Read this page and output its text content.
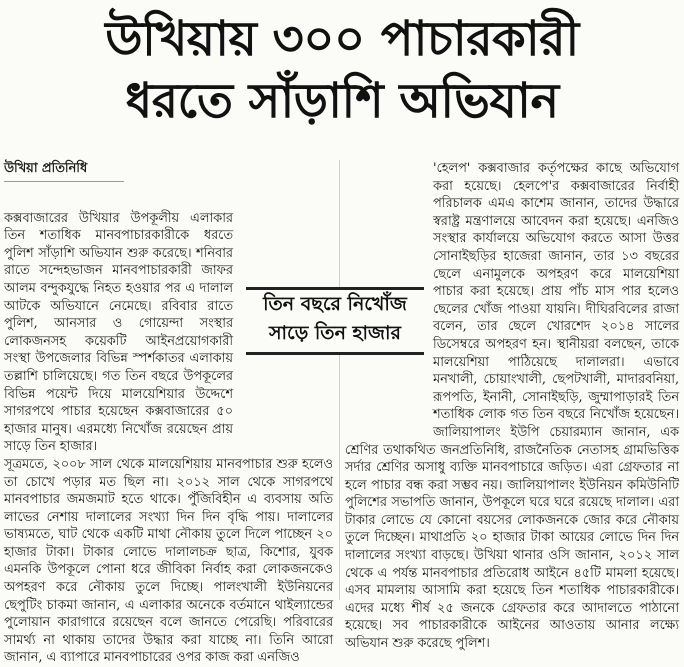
উখিয়ায় ৩০০ পাচারকারী
ধরতে সাঁড়াশি অভিযান
উখিয়া প্রতিনিধি

কক্সবাজারের উখিয়ার উপকূলীয় এলাকার তিন শতাধিক মানবপাচারকারীকে ধরতে পুলিশ সাঁড়াশি অভিযান শুরু করেছে। শনিবার রাতে সন্দেহভাজন মানবপাচারকারী জাফর আলম বন্দুকযুদ্ধে নিহত হওয়ার পর এ দালাল আটকে অভিযানে নেমেছে। রবিবার রাতে পুলিশ, আনসার ও গোয়েন্দা সংস্থার লোকজনসহ কয়েকটি আইনপ্রয়োগকারী সংস্থা উপজেলার বিভিন্ন স্পর্শকাতর এলাকায় তল্লাশি চালিয়েছে। গত তিন বছরে উপকূলের বিভিন্ন পয়েন্ট দিয়ে মালয়েশিয়ার উদ্দেশে সাগরপথে পাচার হয়েছেন কক্সবাজারের ৫০ হাজার মানুষ। এরমধ্যে নিখোঁজ রয়েছেন প্রায় সাড়ে তিন হাজার।

সূত্রমতে, ২০০৮ সাল থেকে মালয়েশিয়ায় মানবপাচার শুরু হলেও তা চোখে পড়ার মত ছিল না। ২০১২ সাল থেকে সাগরপথে মানবপাচার জমজমাট হতে থাকে। পুঁজিবিহীন এ ব্যবসায় অতি লাভের নেশায় দালালের সংখ্যা দিন দিন বৃদ্ধি পায়। দালালের ভাষ্যমতে, ঘাট থেকে একটি মাথা নৌকায় তুলে দিলে পাচ্ছেন ২০ হাজার টাকা। টাকার লোভে দালালচক্র ছাত্র, কিশোর, যুবক এমনকি উপকূলে পোনা ধরে জীবিকা নির্বাহ করা লোকজনকেও অপহরণ করে নৌকায় তুলে দিচ্ছে। পালংখালী ইউনিয়নের ছেপুটিং চাকমা জানান, এ এলাকার অনেকে বর্তমানে থাইল্যান্ডের পুলোয়ান কারাগারে রয়েছেন বলে জানতে পেরেছি। পরিবারের সামর্থ্য না থাকায় তাদের উদ্ধার করা যাচ্ছে না। তিনি আরো জানান, এ ব্যাপারে মানবপাচারের ওপর কাজ করা এনজিও

'হেলপ' কক্সবাজার কর্তৃপক্ষের কাছে অভিযোগ করা হয়েছে। হেলপে'র কক্সবাজারের নির্বাহী পরিচালক এমএ কাশেম জানান, তাদের উদ্ধারে স্বরাষ্ট্র মন্ত্রণালয়ে আবেদন করা হয়েছে। এনজিও সংস্থার কার্যালয়ে অভিযোগ করতে আসা উত্তর সোনাইছড়ির হাজেরা জানান, তার ১৩ বছরের ছেলে এনামুলকে অপহরণ করে মালয়েশিয়া পাচার করা হয়েছে। প্রায় পাঁচ মাস পার হলেও ছেলের খোঁজ পাওয়া যায়নি। দীঘিরবিলের রাজা বলেন, তার ছেলে খোরশেদ ২০১৪ সালের ডিসেম্বরে অপহরণ হন। স্থানীয়রা বলছেন, তাকে মালয়েশিয়া পাঠিয়েছে দালালরা। এভাবে মনখালী, চোয়াংখালী, ছেপটখালী, মাদারবনিয়া, রূপপতি, ইনানী, সোনাইছড়ি, জুম্মাপাড়ারই তিন শতাধিক লোক গত তিন বছরে নিখোঁজ হয়েছেন। জালিয়াপালং ইউপি চেয়ারম্যান জানান, এক শ্রেণির তথাকথিত জনপ্রতিনিধি, রাজনৈতিক নেতাসহ গ্রামভিত্তিক সর্দার শ্রেণির অসাধু ব্যক্তি মানবপাচারে জড়িত। এরা গ্রেফতার না হলে পাচার বন্ধ করা সম্ভব নয়। জালিয়াপালং ইউনিয়ন কমিউনিটি পুলিশের সভাপতি জানান, উপকূলে ঘরে ঘরে রয়েছে দালাল। এরা টাকার লোভে যে কোনো বয়সের লোকজনকে জোর করে নৌকায় তুলে দিচ্ছেন। মাথাপ্রতি ২০ হাজার টাকা আয়ের লোভে দিন দিন দালালের সংখ্যা বাড়ছে। উখিয়া থানার ওসি জানান, ২০১২ সাল থেকে এ পর্যন্ত মানবপাচার প্রতিরোধ আইনে ৪৫টি মামলা হয়েছে। এসব মামলায় আসামি করা হয়েছে তিন শতাধিক পাচারকারীকে। এদের মধ্যে শীর্ষ ২৫ জনকে গ্রেফতার করে আদালতে পাঠানো হয়েছে। সব পাচারকারীকে আইনের আওতায় আনার লক্ষ্যে অভিযান শুরু করেছে পুলিশ।

তিন বছরে নিখোঁজ
সাড়ে তিন হাজার
